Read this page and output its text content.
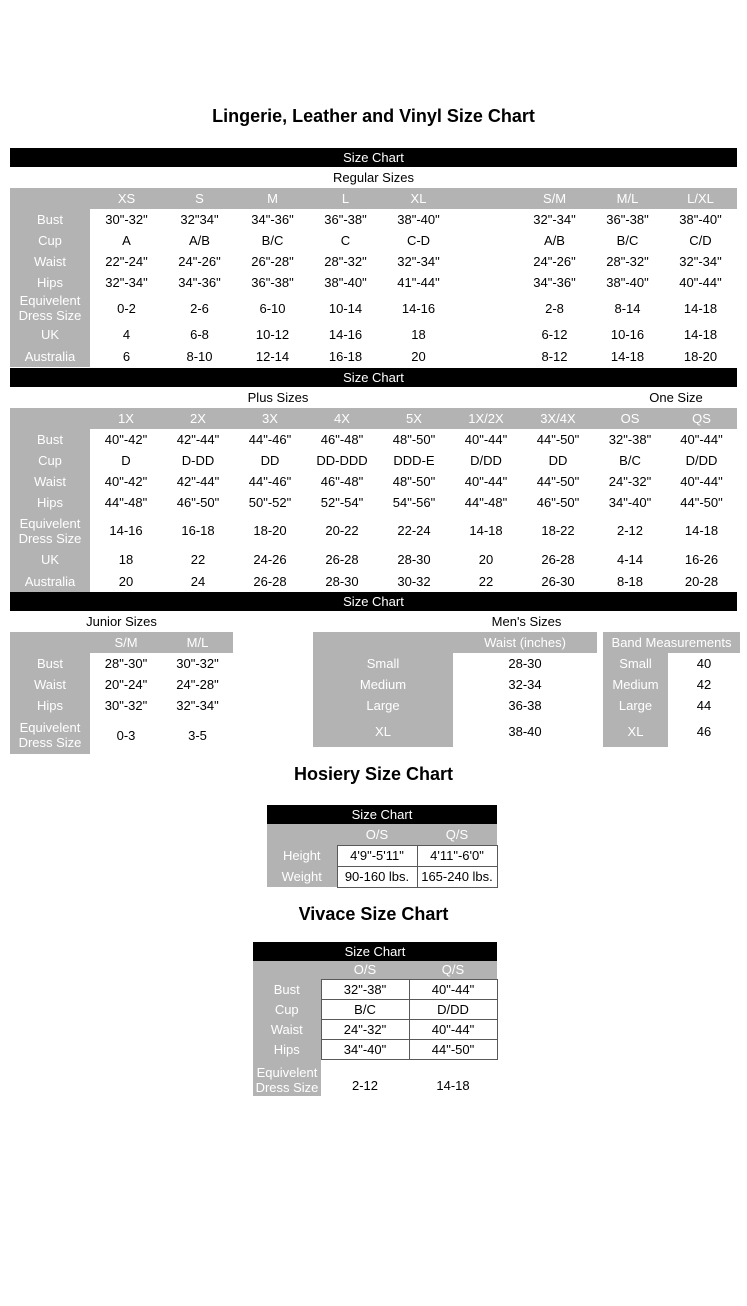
Lingerie, Leather and Vinyl Size Chart
Size Chart
Regular Sizes
	XS	S	M	L	XL		S/M	M/L	L/XL
Bust	30"-32"	32"34"	34"-36"	36"-38"	38"-40"		32"-34"	36"-38"	38"-40"
Cup	A	A/B	B/C	C	C-D		A/B	B/C	C/D
Waist	22"-24"	24"-26"	26"-28"	28"-32"	32"-34"		24"-26"	28"-32"	32"-34"
Hips	32"-34"	34"-36"	36"-38"	38"-40"	41"-44"		34"-36"	38"-40"	40"-44"
Equivelent Dress Size	0-2	2-6	6-10	10-14	14-16		2-8	8-14	14-18
UK	4	6-8	10-12	14-16	18		6-12	10-16	14-18
Australia	6	8-10	12-14	16-18	20		8-12	14-18	18-20
Size Chart
Plus Sizes	One Size
	1X	2X	3X	4X	5X	1X/2X	3X/4X	OS	QS
Bust	40"-42"	42"-44"	44"-46"	46"-48"	48"-50"	40"-44"	44"-50"	32"-38"	40"-44"
Cup	D	D-DD	DD	DD-DDD	DDD-E	D/DD	DD	B/C	D/DD
Waist	40"-42"	42"-44"	44"-46"	46"-48"	48"-50"	40"-44"	44"-50"	24"-32"	40"-44"
Hips	44"-48"	46"-50"	50"-52"	52"-54"	54"-56"	44"-48"	46"-50"	34"-40"	44"-50"
Equivelent Dress Size	14-16	16-18	18-20	20-22	22-24	14-18	18-22	2-12	14-18
UK	18	22	24-26	26-28	28-30	20	26-28	4-14	16-26
Australia	20	24	26-28	28-30	30-32	22	26-30	8-18	20-28
Size Chart
Junior Sizes	Men's Sizes
	S/M	M/L
Bust	28"-30"	30"-32"
Waist	20"-24"	24"-28"
Hips	30"-32"	32"-34"
Equivelent Dress Size	0-3	3-5
	Waist (inches)
Small	28-30
Medium	32-34
Large	36-38
XL	38-40
Band Measurements	
Small	40
Medium	42
Large	44
XL	46
Hosiery Size Chart
Size Chart
	O/S	Q/S
Height	4'9"-5'11"	4'11"-6'0"
Weight	90-160 lbs.	165-240 lbs.
Vivace Size Chart
Size Chart
	O/S	Q/S
Bust	32"-38"	40"-44"
Cup	B/C	D/DD
Waist	24"-32"	40"-44"
Hips	34"-40"	44"-50"
Equivelent Dress Size	2-12	14-18
